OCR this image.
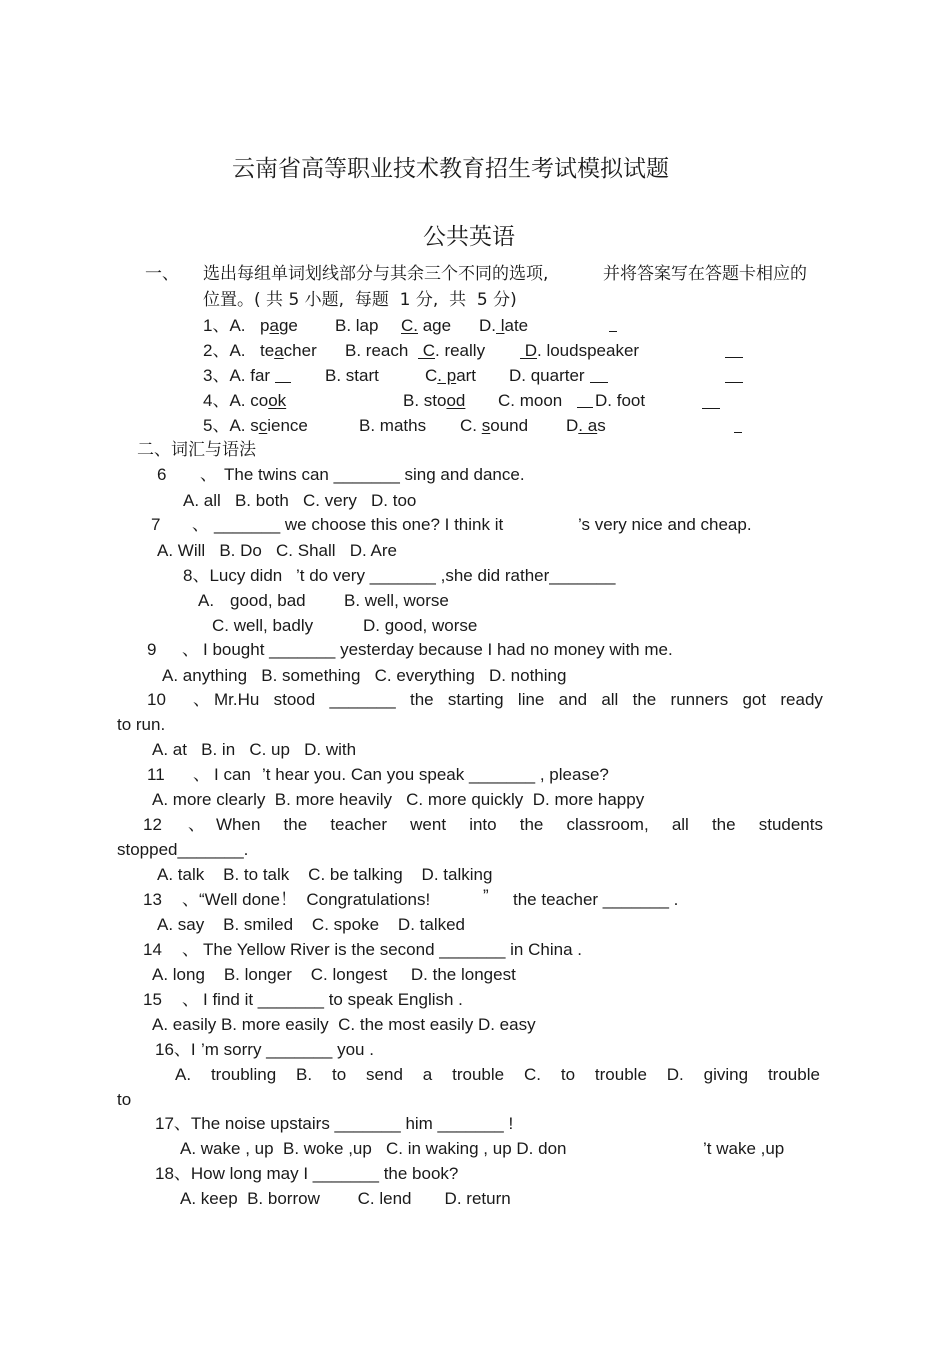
云南省高等职业技术教育招生考试模拟试题
公共英语
一、 选出每组单词划线部分与其余三个不同的选项,	并将答案写在答题卡相应的
位置。( 共 5 小题,  每题  1 分,  共  5 分)
1、A. page B. lap C. age D. late
2、A. teacher B. reach C. really D. loudspeaker
3、A. far	B. start	C. part D. quarter
4、A. cook	B. stood C. moon D. foot
5、A. science	B. maths C. sound D. as
二、词汇与语法
6 、 The twins can _______ sing and dance.
A. all   B. both   C. very   D. too
7 、 _______ we choose this one? I think it	’s very nice and cheap.
A. Will   B. Do   C. Shall   D. Are
8、Lucy didn ’t do very _______ ,she did rather_______
A. good, bad B. well, worse
C. well, badly	D. good, worse
9 、 I bought _______ yesterday because I had no money with me.
A. anything   B. something   C. everything   D. nothing
10 、 Mr.Hu stood _______ the starting line and all the runners got ready
to run.
A. at   B. in   C. up   D. with
11 、 I can ’t hear you. Can you speak _______ , please?
A. more clearly  B. more heavily   C. more quickly  D. more happy
12 、 When the teacher went into the classroom, all the students
stopped_______.
A. talk    B. to talk    C. be talking    D. talking
13 、 “Well done！  Congratulations!	” the teacher _______ .
A. say    B. smiled    C. spoke    D. talked
14 、 The Yellow River is the second _______ in China .
A. long    B. longer    C. longest     D. the longest
15 、 I find it _______ to speak English .
A. easily B. more easily  C. the most easily D. easy
16、I ’m sorry _______ you .
A. troubling B. to send a trouble C. to trouble D. giving trouble
to
17、The noise upstairs _______ him _______ !
A. wake , up  B. woke ,up   C. in waking , up D. don	’t wake ,up
18、How long may I _______ the book?
A. keep  B. borrow        C. lend       D. return
